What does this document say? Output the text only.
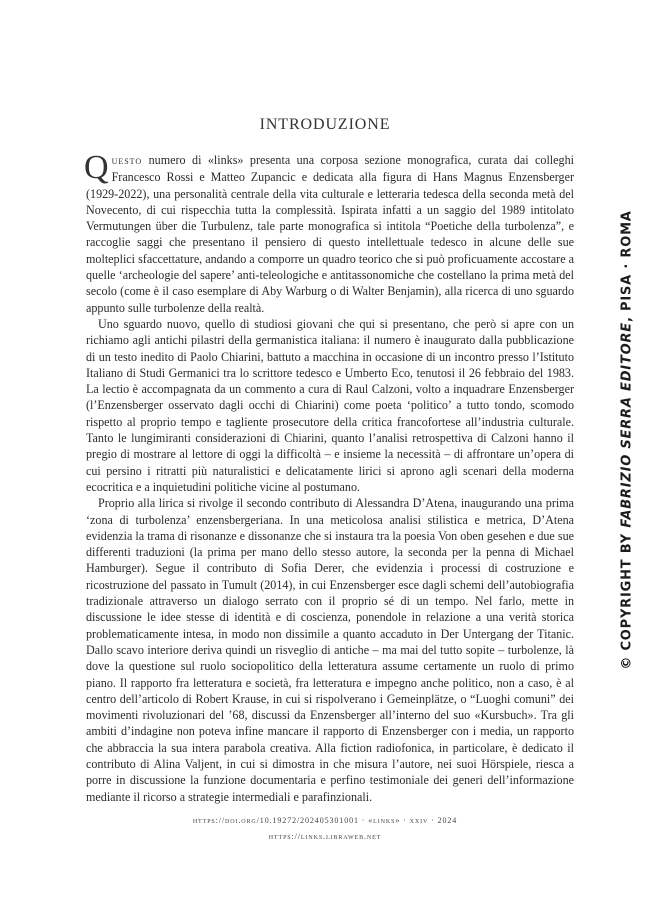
INTRODUZIONE

Questo numero di «links» presenta una corposa sezione monografica, curata dai colleghi Francesco Rossi e Matteo Zupancic e dedicata alla figura di Hans Magnus Enzensberger (1929-2022), una personalità centrale della vita culturale e letteraria tedesca della seconda metà del Novecento, di cui rispecchia tutta la complessità. Ispirata infatti a un saggio del 1989 intitolato Vermutungen über die Turbulenz, tale parte monografica si intitola “Poetiche della turbolenza”, e raccoglie saggi che presentano il pensiero di questo intellettuale tedesco in alcune delle sue molteplici sfaccettature, andando a comporre un quadro teorico che si può proficuamente accostare a quelle ‘archeologie del sapere’ anti-teleologiche e antitassonomiche che costellano la prima metà del secolo (come è il caso esemplare di Aby Warburg o di Walter Benjamin), alla ricerca di uno sguardo appunto sulle turbolenze della realtà.

Uno sguardo nuovo, quello di studiosi giovani che qui si presentano, che però si apre con un richiamo agli antichi pilastri della germanistica italiana: il numero è inaugurato dalla pubblicazione di un testo inedito di Paolo Chiarini, battuto a macchina in occasione di un incontro presso l’Istituto Italiano di Studi Germanici tra lo scrittore tedesco e Umberto Eco, tenutosi il 26 febbraio del 1983. La lectio è accompagnata da un commento a cura di Raul Calzoni, volto a inquadrare Enzensberger (l’Enzensberger osservato dagli occhi di Chiarini) come poeta ‘politico’ a tutto tondo, scomodo rispetto al proprio tempo e tagliente prosecutore della critica francofortese all’industria culturale. Tanto le lungimiranti considerazioni di Chiarini, quanto l’analisi retrospettiva di Calzoni hanno il pregio di mostrare al lettore di oggi la difficoltà – e insieme la necessità – di affrontare un’opera di cui persino i ritratti più naturalistici e delicatamente lirici si aprono agli scenari della moderna ecocritica e a inquietudini politiche vicine al postumano.

Proprio alla lirica si rivolge il secondo contributo di Alessandra D’Atena, inaugurando una prima ‘zona di turbolenza’ enzensbergeriana. In una meticolosa analisi stilistica e metrica, D’Atena evidenzia la trama di risonanze e dissonanze che si instaura tra la poesia Von oben gesehen e due sue differenti traduzioni (la prima per mano dello stesso autore, la seconda per la penna di Michael Hamburger). Segue il contributo di Sofia Derer, che evidenzia i processi di costruzione e ricostruzione del passato in Tumult (2014), in cui Enzensberger esce dagli schemi dell’autobiografia tradizionale attraverso un dialogo serrato con il proprio sé di un tempo. Nel farlo, mette in discussione le idee stesse di identità e di coscienza, ponendole in relazione a una verità storica problematicamente intesa, in modo non dissimile a quanto accaduto in Der Untergang der Titanic. Dallo scavo interiore deriva quindi un risveglio di antiche – ma mai del tutto sopite – turbolenze, là dove la questione sul ruolo sociopolitico della letteratura assume certamente un ruolo di primo piano. Il rapporto fra letteratura e società, fra letteratura e impegno anche politico, non a caso, è al centro dell’articolo di Robert Krause, in cui si rispolverano i Gemeinplätze, o “Luoghi comuni” dei movimenti rivoluzionari del ’68, discussi da Enzensberger all’interno del suo «Kursbuch». Tra gli ambiti d’indagine non poteva infine mancare il rapporto di Enzensberger con i media, un rapporto che abbraccia la sua intera parabola creativa. Alla fiction radiofonica, in particolare, è dedicato il contributo di Alina Valjent, in cui si dimostra in che misura l’autore, nei suoi Hörspiele, riesca a porre in discussione la funzione documentaria e perfino testimoniale dei generi dell’informazione mediante il ricorso a strategie intermediali e parafinzionali.

https://doi.org/10.19272/202405301001 · «links» · xxiv · 2024
https://links.libraweb.net
© COPYRIGHT BY FABRIZIO SERRA EDITORE, PISA · ROMA
